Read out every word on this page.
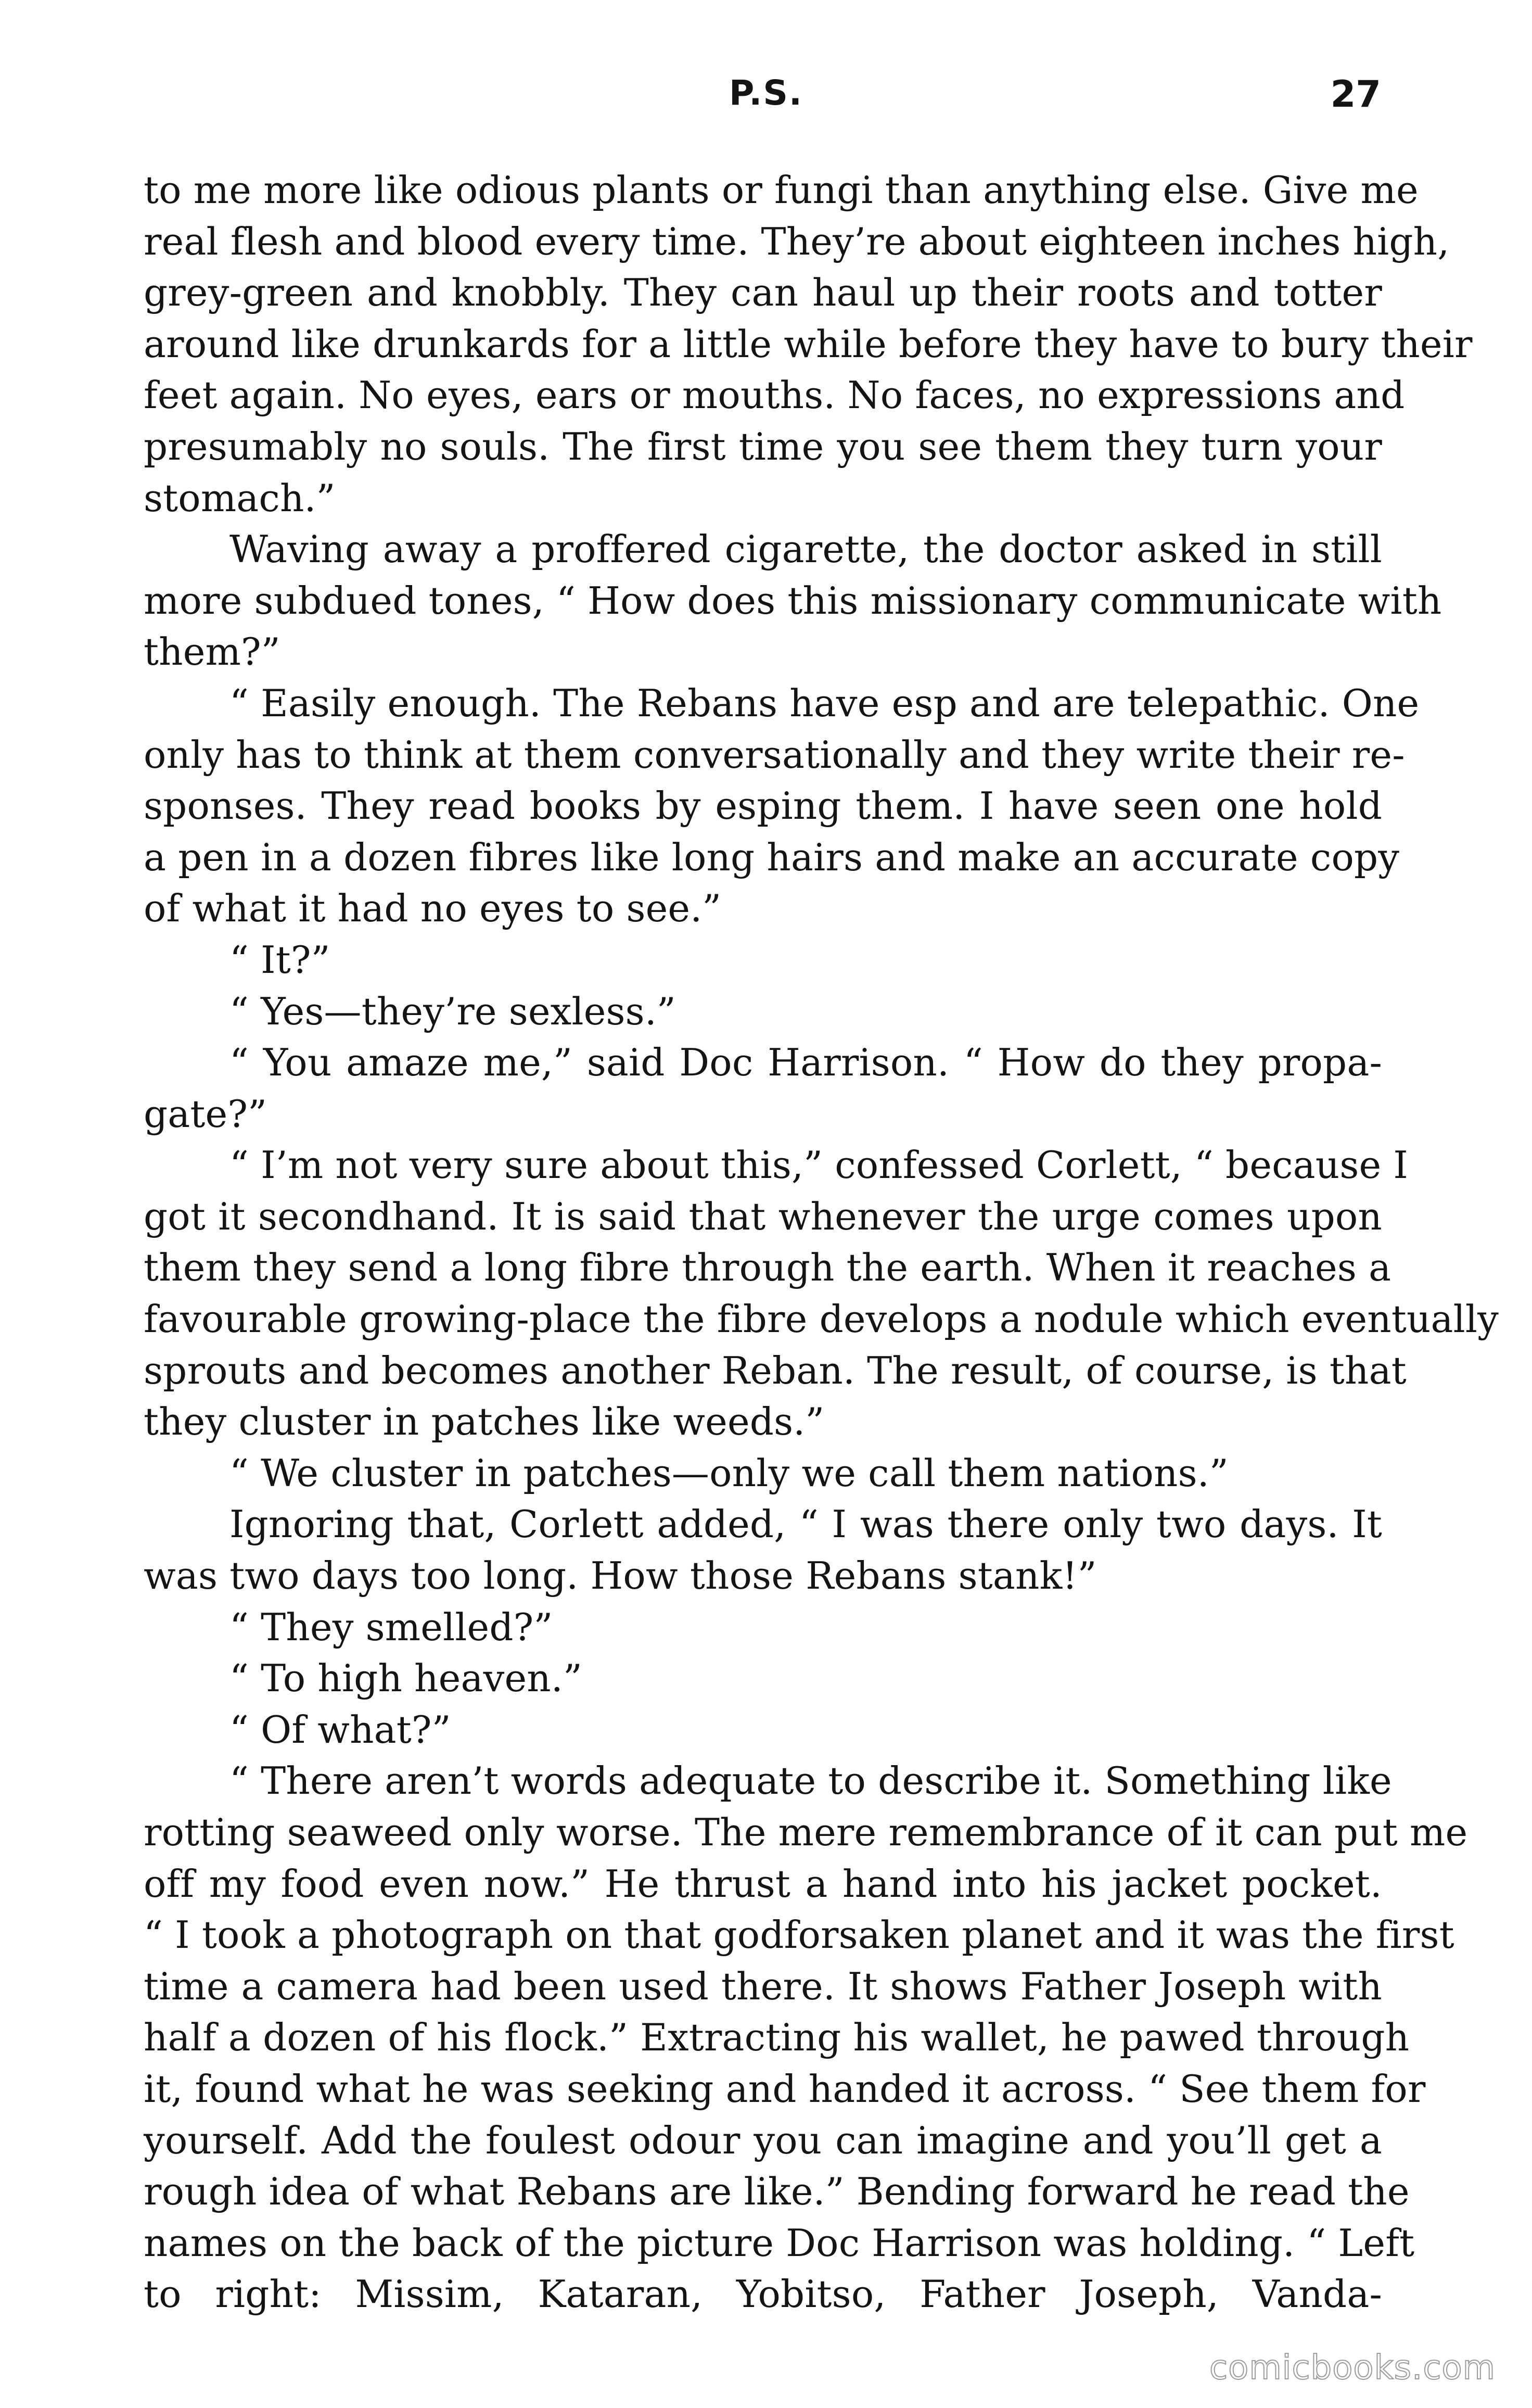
P.S.	27
to me more like odious plants or fungi than anything else. Give me
real flesh and blood every time. They’re about eighteen inches high,
grey-green and knobbly. They can haul up their roots and totter
around like drunkards for a little while before they have to bury their
feet again. No eyes, ears or mouths. No faces, no expressions and
presumably no souls. The first time you see them they turn your
stomach.”
Waving away a proffered cigarette, the doctor asked in still
more subdued tones, “ How does this missionary communicate with
them?”
“ Easily enough. The Rebans have esp and are telepathic. One
only has to think at them conversationally and they write their re-
sponses. They read books by esping them. I have seen one hold
a pen in a dozen fibres like long hairs and make an accurate copy
of what it had no eyes to see.”
“ It?”
“ Yes—they’re sexless.”
“ You amaze me,” said Doc Harrison. “ How do they propa-
gate?”
“ I’m not very sure about this,” confessed Corlett, “ because I
got it secondhand. It is said that whenever the urge comes upon
them they send a long fibre through the earth. When it reaches a
favourable growing-place the fibre develops a nodule which eventually
sprouts and becomes another Reban. The result, of course, is that
they cluster in patches like weeds.”
“ We cluster in patches—only we call them nations.”
Ignoring that, Corlett added, “ I was there only two days. It
was two days too long. How those Rebans stank!”
“ They smelled?”
“ To high heaven.”
“ Of what?”
“ There aren’t words adequate to describe it. Something like
rotting seaweed only worse. The mere remembrance of it can put me
off my food even now.” He thrust a hand into his jacket pocket.
“ I took a photograph on that godforsaken planet and it was the first
time a camera had been used there. It shows Father Joseph with
half a dozen of his flock.” Extracting his wallet, he pawed through
it, found what he was seeking and handed it across. “ See them for
yourself. Add the foulest odour you can imagine and you’ll get a
rough idea of what Rebans are like.” Bending forward he read the
names on the back of the picture Doc Harrison was holding. “ Left
to right: Missim, Kataran, Yobitso, Father Joseph, Vanda-
comicbooks.com
